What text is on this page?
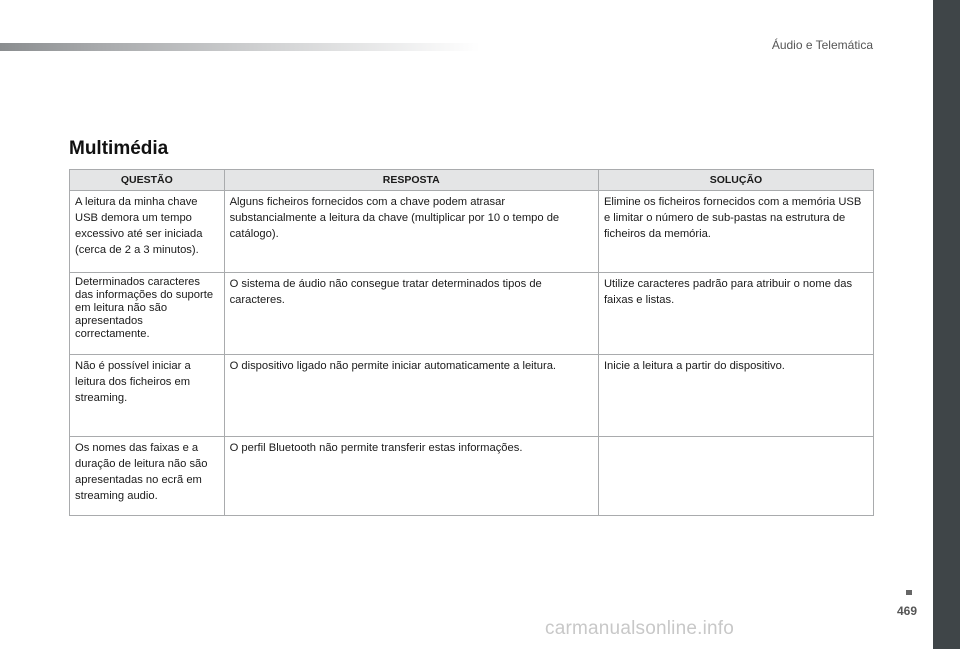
Áudio e Telemática
Multimédia
QUESTÃO	RESPOSTA	SOLUÇÃO
A leitura da minha chave USB demora um tempo excessivo até ser iniciada (cerca de 2 a 3 minutos).	Alguns ficheiros fornecidos com a chave podem atrasar substancialmente a leitura da chave (multiplicar por 10 o tempo de catálogo).	Elimine os ficheiros fornecidos com a memória USB e limitar o número de sub-pastas na estrutura de ficheiros da memória.

Determinados caracteres das informações do suporte em leitura não são apresentados correctamente.	O sistema de áudio não consegue tratar determinados tipos de caracteres.	Utilize caracteres padrão para atribuir o nome das faixas e listas.
Não é possível iniciar a leitura dos ficheiros em streaming.	O dispositivo ligado não permite iniciar automaticamente a leitura.	Inicie a leitura a partir do dispositivo.
Os nomes das faixas e a duração de leitura não são apresentadas no ecrã em streaming audio.	O perfil Bluetooth não permite transferir estas informações.	
469
carmanualsonline.info
